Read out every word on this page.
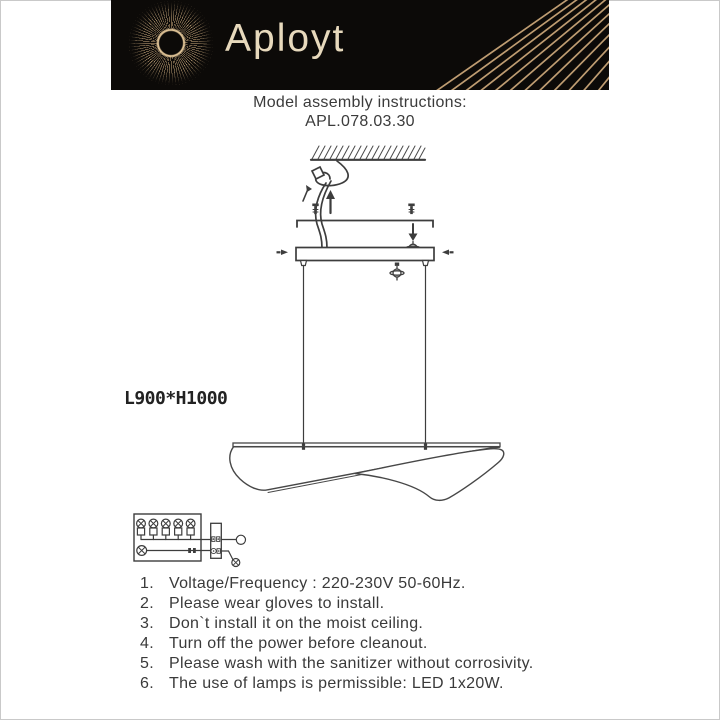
Aployt
Model assembly instructions:
APL.078.03.30
L900*H1000
1. Voltage/Frequency : 220-230V 50-60Hz.
2. Please wear gloves to install.
3. Don`t install it on the moist ceiling.
4. Turn off the power before cleanout.
5. Please wash with the sanitizer without corrosivity.
6. The use of lamps is permissible: LED 1x20W.
